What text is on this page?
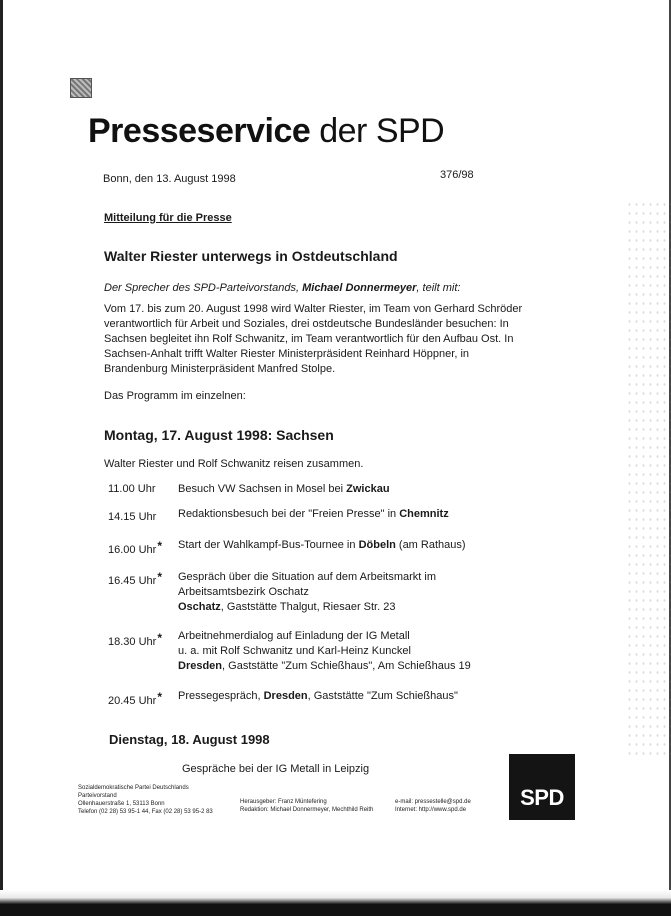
Presseservice der SPD
Bonn, den 13. August 1998	376/98
Mitteilung für die Presse
Walter Riester unterwegs in Ostdeutschland
Der Sprecher des SPD-Parteivorstands, Michael Donnermeyer, teilt mit:
Vom 17. bis zum 20. August 1998 wird Walter Riester, im Team von Gerhard Schröder verantwortlich für Arbeit und Soziales, drei ostdeutsche Bundesländer besuchen: In Sachsen begleitet ihn Rolf Schwanitz, im Team verantwortlich für den Aufbau Ost. In Sachsen-Anhalt trifft Walter Riester Ministerpräsident Reinhard Höppner, in Brandenburg Ministerpräsident Manfred Stolpe.
Das Programm im einzelnen:
Montag, 17. August 1998: Sachsen
Walter Riester und Rolf Schwanitz reisen zusammen.
11.00 Uhr Besuch VW Sachsen in Mosel bei Zwickau
14.15 Uhr Redaktionsbesuch bei der "Freien Presse" in Chemnitz
16.00 Uhr* Start der Wahlkampf-Bus-Tournee in Döbeln (am Rathaus)
16.45 Uhr* Gespräch über die Situation auf dem Arbeitsmarkt im
Arbeitsamtsbezirk Oschatz
Oschatz, Gaststätte Thalgut, Riesaer Str. 23
18.30 Uhr* Arbeitnehmerdialog auf Einladung der IG Metall
u. a. mit Rolf Schwanitz und Karl-Heinz Kunckel
Dresden, Gaststätte "Zum Schießhaus", Am Schießhaus 19
20.45 Uhr* Pressegespräch, Dresden, Gaststätte "Zum Schießhaus"
Dienstag, 18. August 1998
Gespräche bei der IG Metall in Leipzig
Sozialdemokratische Partei Deutschlands
Parteivorstand
Ollenhauerstraße 1, 53113 Bonn
Telefon (02 28) 53 95-1 44, Fax (02 28) 53 95-2 83
Herausgeber: Franz Müntefering
Redaktion: Michael Donnermeyer, Mechthild Reith
e-mail: pressestelle@spd.de
Internet: http://www.spd.de SPD
